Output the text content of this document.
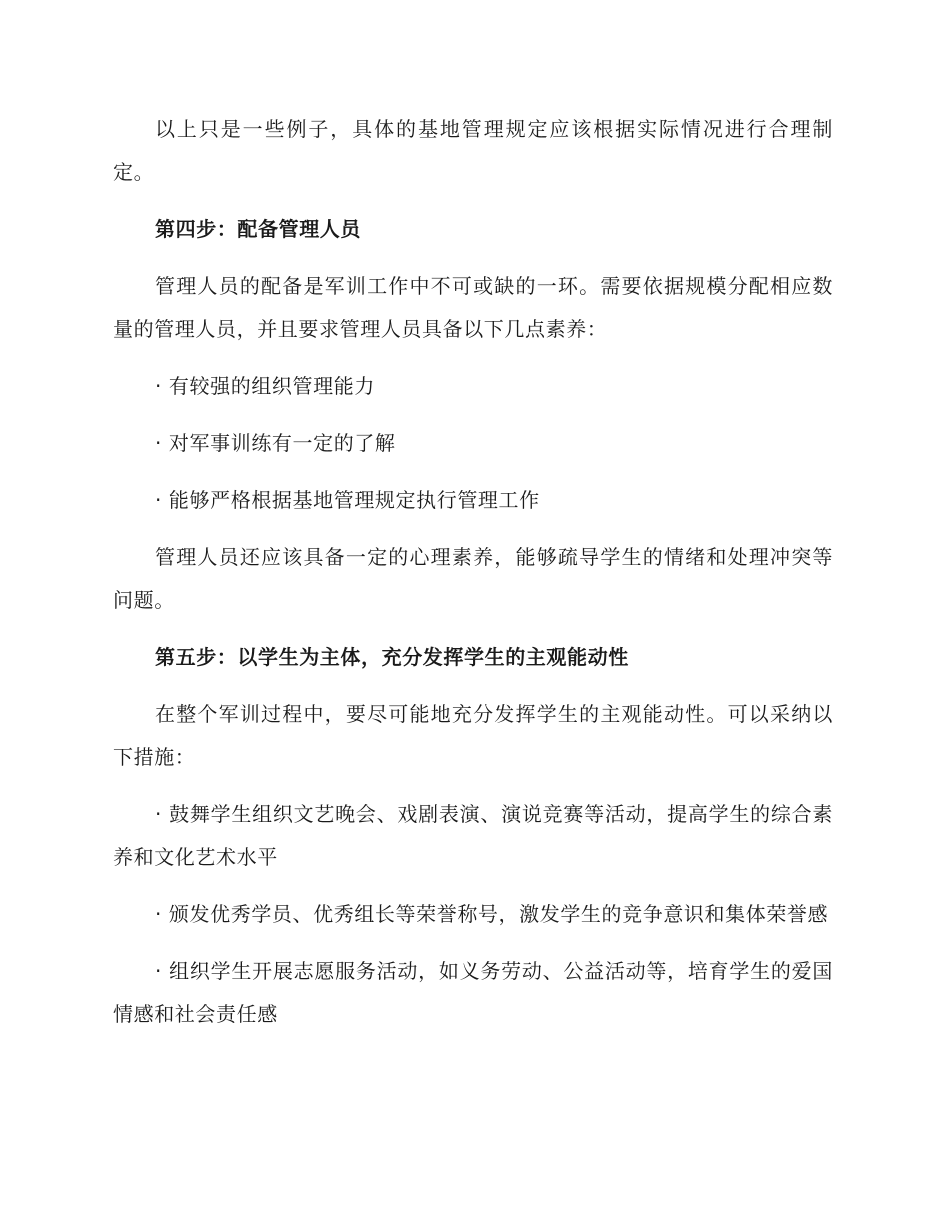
以上只是一些例子，具体的基地管理规定应该根据实际情况进行合理制定。

第四步：配备管理人员

管理人员的配备是军训工作中不可或缺的一环。需要依据规模分配相应数量的管理人员，并且要求管理人员具备以下几点素养：

· 有较强的组织管理能力

· 对军事训练有一定的了解

· 能够严格根据基地管理规定执行管理工作

管理人员还应该具备一定的心理素养，能够疏导学生的情绪和处理冲突等问题。

第五步：以学生为主体，充分发挥学生的主观能动性

在整个军训过程中，要尽可能地充分发挥学生的主观能动性。可以采纳以下措施：

· 鼓舞学生组织文艺晚会、戏剧表演、演说竞赛等活动，提高学生的综合素养和文化艺术水平

· 颁发优秀学员、优秀组长等荣誉称号，激发学生的竞争意识和集体荣誉感

· 组织学生开展志愿服务活动，如义务劳动、公益活动等，培育学生的爱国情感和社会责任感
